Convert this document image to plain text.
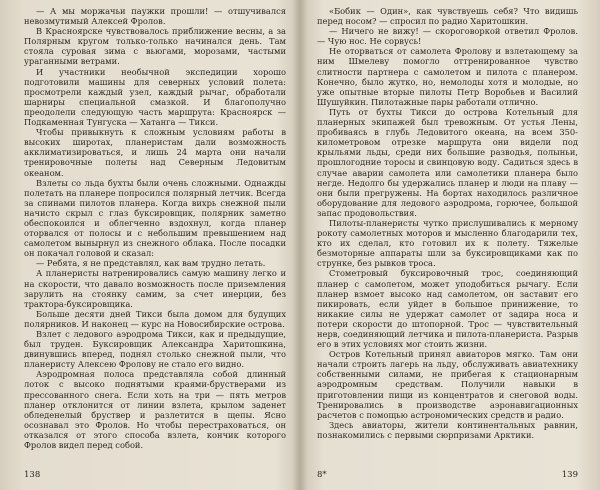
— А мы моржачьи паужки прошли! — отшучивался невозмутимый Алексей Фролов.

В Красноярске чувствовалось приближение весны, а за Полярным кругом только-только начинался день. Там стояла суровая зима с вьюгами, морозами, частыми ураганными ветрами.

И участники необычной экспедиции хорошо подготовили машины для северных условий полета: просмотрели каждый узел, каждый рычаг, обработали шарниры специальной смазкой. И благополучно преодолели следующую часть маршрута: Красноярск — Подкаменная Тунгуска — Хатанга — Тикси.

Чтобы привыкнуть к сложным условиям работы в высоких широтах, планеристам дали возможность акклиматизироваться, и лишь 24 марта они начали тренировочные полеты над Северным Ледовитым океаном.

Взлеты со льда бухты были очень сложными. Однажды полетать на планере попросился полярный летчик. Всегда за спинами пилотов планера. Когда вихрь снежной пыли начисто скрыл с глаз буксировщик, полярник заметно обеспокоился и облегченно вздохнул, когда планер оторвался от полосы и с небольшим превышением над самолетом вынырнул из снежного облака. После посадки он покачал головой и сказал:

— Ребята, я не представлял, как вам трудно летать.

А планеристы натренировались самую машину легко и на скорости, что давало возможность после приземления зарулить на стоянку самим, за счет инерции, без трактора-буксировщика.

Больше десяти дней Тикси была домом для будущих полярников. И наконец — курс на Новосибирские острова.

Взлет с ледового аэродрома Тикси, как и предыдущие, был труден. Буксировщик Александра Харитошкина, двинувшись вперед, поднял столько снежной пыли, что планеристу Алексею Фролову не стало его видно.

Аэродромная полоса представляла собой длинный лоток с высоко поднятыми краями-брустверами из прессованного снега. Если хоть на три — пять метров планер отклонится от линии взлета, крылом заденет обледенелый бруствер и разлетится в щепы. Ясно осознавал это Фролов. Но чтобы перестраховаться, он отказался от этого способа взлета, кончик которого Фролов видел перед собой.

138

«Бобик — Один», как чувствуешь себя? Что видишь перед носом? — спросил по радио Харитошкин.

— Ничего не вижу! — скороговоркой ответил Фролов. — Чую нос. Не сорвусь!

Не оторваться от самолета Фролову и взлетающему за ним Шмелеву помогло оттренированное чувство слитности партнера с самолетом и пилота с планером. Конечно, было жутко, но, немолоды хотя и молодые, но уже опытные вторые пилоты Петр Воробьев и Василий Шушуйкин. Пилотажные пары работали отлично.

Путь от бухты Тикси до острова Котельный для планерных экипажей был тревожным. От устья Лены, пробиваясь в глубь Ледовитого океана, на всем 350-километровом отрезке маршрута они видели под крыльями льды, среди них большие разводья, полыньи, прошлогодние торосы и свинцовую воду. Садиться здесь в случае аварии самолета или самолетики планера было негде. Недолго бы удержались планер и люди на плаву — они были прегружены. На бортах находилось различное оборудование для ледового аэродрома, горючее, большой запас продовольствия.

Пилоты-планеристы чутко прислушивались к мерному рокоту самолетных моторов и мысленно благодарили тех, кто их сделал, кто готовил их к полету. Тяжелые безмоторные аппараты шли за буксировщиками как по струнке, без рывков троса.

Стометровый буксировочный трос, соединяющий планер с самолетом, может уподобиться рычагу. Если планер взмоет высоко над самолетом, он заставит его пикировать, если уйдет в большое принижение, то никакие силы не удержат самолет от задира носа и потери скорости до штопорной. Трос — чувствительный нерв, соединяющий летчика и пилота-планериста. Разрыв его в этих условиях мог стоить жизни.

Остров Котельный принял авиаторов мягко. Там они начали строить лагерь на льду, обслуживать авиатехнику собственными силами, не прибегая к стационарным аэродромным средствам. Получили навыки в приготовлении пищи из концентратов и снеговой воды. Тренировались в производстве аэронавигационных расчетов с помощью астрономических средств и радио.

Здесь авиаторы, жители континентальных равнин, познакомились с первыми сюрпризами Арктики.

8*	139
